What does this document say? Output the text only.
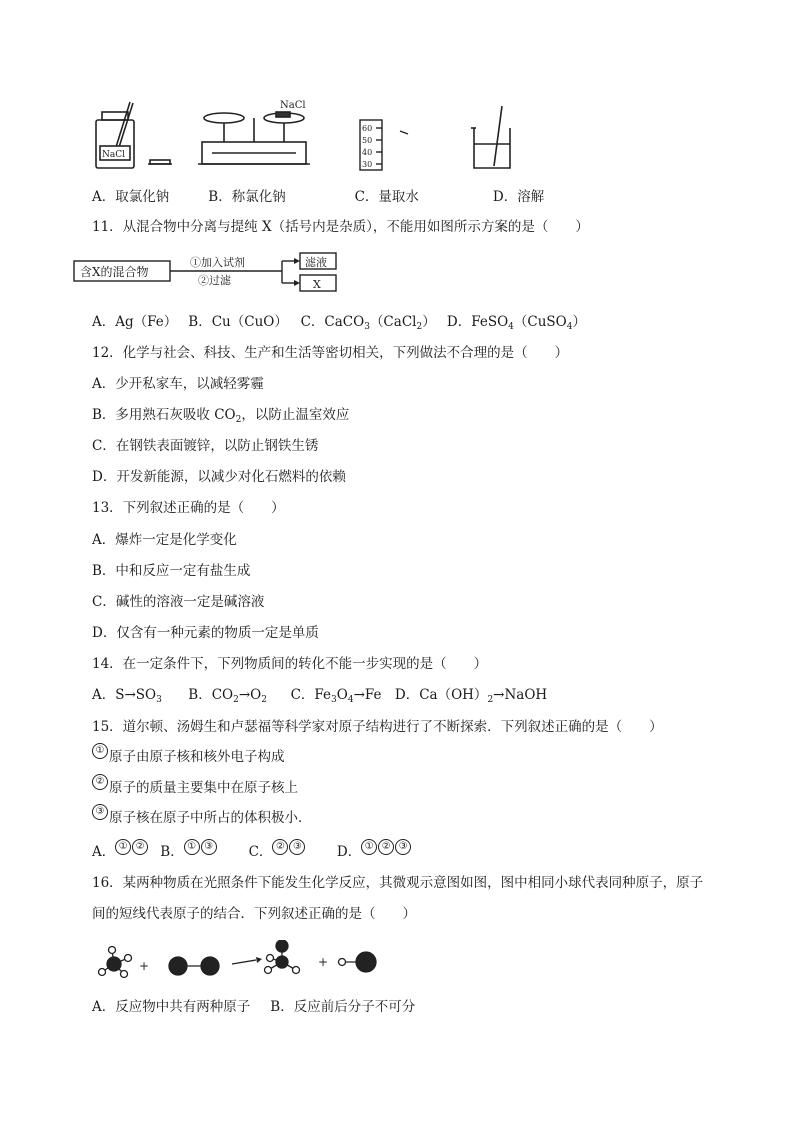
NaCl
NaCl
60
50
40
30
A．取氯化钠	B．称氯化钠	C．量取水	D．溶解
11．从混合物中分离与提纯 X（括号内是杂质），不能用如图所示方案的是（　　）
含X的混合物
①加入试剂
②过滤
滤液
X
A．Ag（Fe） B．Cu（CuO） C．CaCO$_3$（CaCl$_2$） D．FeSO$_4$（CuSO$_4$）
12．化学与社会、科技、生产和生活等密切相关，下列做法不合理的是（　　）
A．少开私家车，以减轻雾霾
B．多用熟石灰吸收 $CO_2$，以防止温室效应
C．在钢铁表面镀锌，以防止钢铁生锈
D．开发新能源，以减少对化石燃料的依赖
13．下列叙述正确的是（　　）
A．爆炸一定是化学变化
B．中和反应一定有盐生成
C．碱性的溶液一定是碱溶液
D．仅含有一种元素的物质一定是单质
14．在一定条件下，下列物质间的转化不能一步实现的是（　　）
A．$S\to SO_3$ B．$CO_2\to O_2$ C．$Fe_3O_4\to Fe$ D．$Ca(OH)_2\to NaOH$
15．道尔顿、汤姆生和卢瑟福等科学家对原子结构进行了不断探索．下列叙述正确的是（　　）
① 原子由原子核和核外电子构成
② 原子的质量主要集中在原子核上
③ 原子核在原子中所占的体积极小．
A． ① ② B． ① ③	C． ② ③	D． ① ② ③
16．某两种物质在光照条件下能发生化学反应，其微观示意图如图，图中相同小球代表同种原子，原子
间的短线代表原子的结合．下列叙述正确的是（　　）
+	+
A．反应物中共有两种原子 B．反应前后分子不可分
